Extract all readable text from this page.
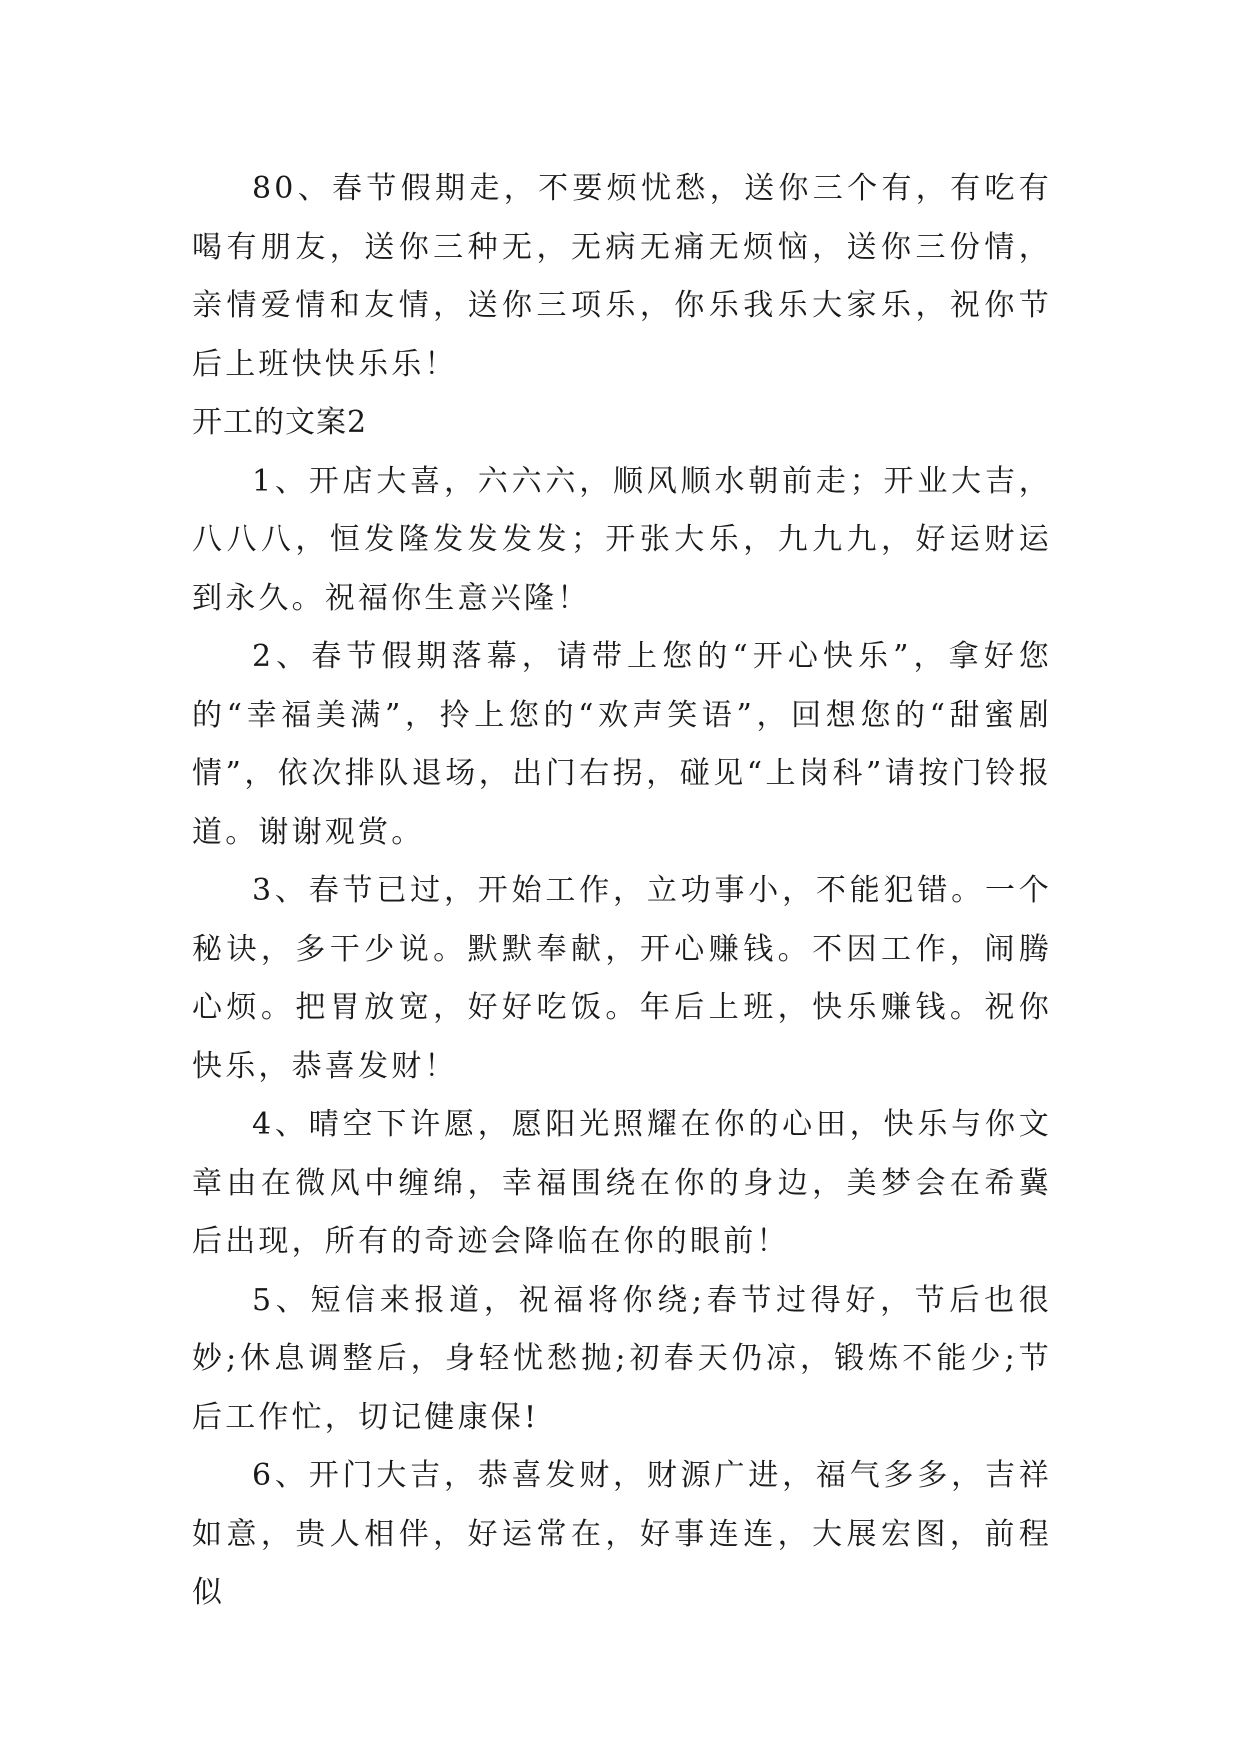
80、春节假期走，不要烦忧愁，送你三个有，有吃有喝有朋友，送你三种无，无病无痛无烦恼，送你三份情，亲情爱情和友情，送你三项乐，你乐我乐大家乐，祝你节后上班快快乐乐！

开工的文案2

1、开店大喜，六六六，顺风顺水朝前走；开业大吉，八八八，恒发隆发发发发；开张大乐，九九九，好运财运到永久。祝福你生意兴隆！

2、春节假期落幕，请带上您的“开心快乐”，拿好您的“幸福美满”，拎上您的“欢声笑语”，回想您的“甜蜜剧情”，依次排队退场，出门右拐，碰见“上岗科”请按门铃报道。谢谢观赏。

3、春节已过，开始工作，立功事小，不能犯错。一个秘诀，多干少说。默默奉献，开心赚钱。不因工作，闹腾心烦。把胃放宽，好好吃饭。年后上班，快乐赚钱。祝你快乐，恭喜发财！

4、晴空下许愿，愿阳光照耀在你的心田，快乐与你文章由在微风中缠绵，幸福围绕在你的身边，美梦会在希冀后出现，所有的奇迹会降临在你的眼前！

5、短信来报道，祝福将你绕;春节过得好，节后也很妙;休息调整后，身轻忧愁抛;初春天仍凉，锻炼不能少;节后工作忙，切记健康保!

6、开门大吉，恭喜发财，财源广进，福气多多，吉祥如意，贵人相伴，好运常在，好事连连，大展宏图，前程似
